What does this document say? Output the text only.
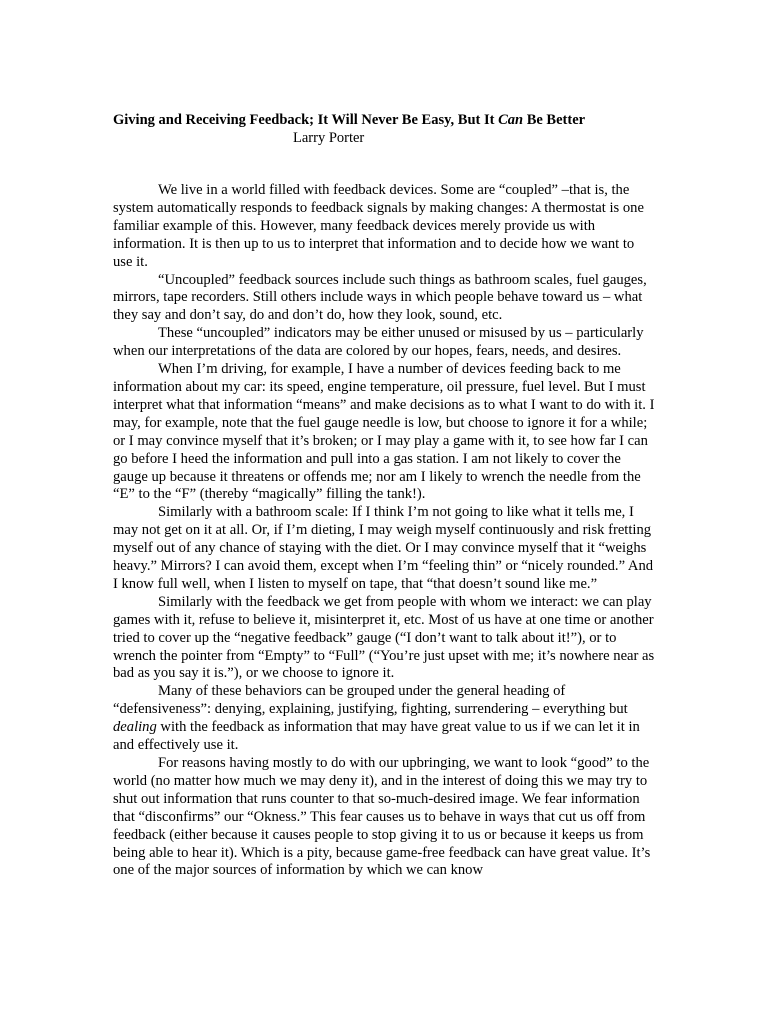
Giving and Receiving Feedback; It Will Never Be Easy, But It Can Be Better
Larry Porter

We live in a world filled with feedback devices. Some are “coupled” –that is, the system automatically responds to feedback signals by making changes: A thermostat is one familiar example of this. However, many feedback devices merely provide us with information. It is then up to us to interpret that information and to decide how we want to use it.

“Uncoupled” feedback sources include such things as bathroom scales, fuel gauges, mirrors, tape recorders. Still others include ways in which people behave toward us – what they say and don’t say, do and don’t do, how they look, sound, etc.

These “uncoupled” indicators may be either unused or misused by us – particularly when our interpretations of the data are colored by our hopes, fears, needs, and desires.

When I’m driving, for example, I have a number of devices feeding back to me information about my car: its speed, engine temperature, oil pressure, fuel level. But I must interpret what that information “means” and make decisions as to what I want to do with it. I may, for example, note that the fuel gauge needle is low, but choose to ignore it for a while; or I may convince myself that it’s broken; or I may play a game with it, to see how far I can go before I heed the information and pull into a gas station. I am not likely to cover the gauge up because it threatens or offends me; nor am I likely to wrench the needle from the “E” to the “F” (thereby “magically” filling the tank!).

Similarly with a bathroom scale: If I think I’m not going to like what it tells me, I may not get on it at all. Or, if I’m dieting, I may weigh myself continuously and risk fretting myself out of any chance of staying with the diet. Or I may convince myself that it “weighs heavy.” Mirrors? I can avoid them, except when I’m “feeling thin” or “nicely rounded.” And I know full well, when I listen to myself on tape, that “that doesn’t sound like me.”

Similarly with the feedback we get from people with whom we interact: we can play games with it, refuse to believe it, misinterpret it, etc. Most of us have at one time or another tried to cover up the “negative feedback” gauge (“I don’t want to talk about it!”), or to wrench the pointer from “Empty” to “Full” (“You’re just upset with me; it’s nowhere near as bad as you say it is.”), or we choose to ignore it.

Many of these behaviors can be grouped under the general heading of “defensiveness”: denying, explaining, justifying, fighting, surrendering – everything but dealing with the feedback as information that may have great value to us if we can let it in and effectively use it.

For reasons having mostly to do with our upbringing, we want to look “good” to the world (no matter how much we may deny it), and in the interest of doing this we may try to shut out information that runs counter to that so-much-desired image. We fear information that “disconfirms” our “Okness.” This fear causes us to behave in ways that cut us off from feedback (either because it causes people to stop giving it to us or because it keeps us from being able to hear it). Which is a pity, because game-free feedback can have great value. It’s one of the major sources of information by which we can know
